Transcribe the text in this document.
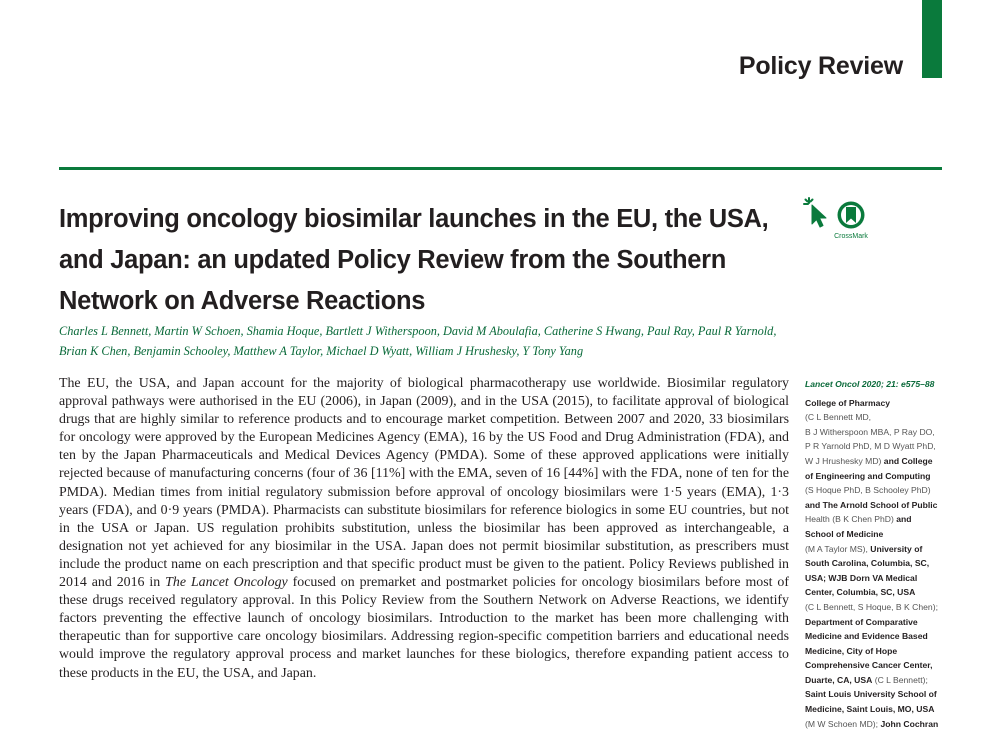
Policy Review
Improving oncology biosimilar launches in the EU, the USA, and Japan: an updated Policy Review from the Southern Network on Adverse Reactions
CrossMark
Charles L Bennett, Martin W Schoen, Shamia Hoque, Bartlett J Witherspoon, David M Aboulafia, Catherine S Hwang, Paul Ray, Paul R Yarnold,
Brian K Chen, Benjamin Schooley, Matthew A Taylor, Michael D Wyatt, William J Hrushesky, Y Tony Yang

The EU, the USA, and Japan account for the majority of biological pharmacotherapy use worldwide. Biosimilar regulatory approval pathways were authorised in the EU (2006), in Japan (2009), and in the USA (2015), to facilitate approval of biological drugs that are highly similar to reference products and to encourage market competition. Between 2007 and 2020, 33 biosimilars for oncology were approved by the European Medicines Agency (EMA), 16 by the US Food and Drug Administration (FDA), and ten by the Japan Pharmaceuticals and Medical Devices Agency (PMDA). Some of these approved applications were initially rejected because of manufacturing concerns (four of 36 [11%] with the EMA, seven of 16 [44%] with the FDA, none of ten for the PMDA). Median times from initial regulatory submission before approval of oncology biosimilars were 1·5 years (EMA), 1·3 years (FDA), and 0·9 years (PMDA). Pharmacists can substitute biosimilars for reference biologics in some EU countries, but not in the USA or Japan. US regulation prohibits substitution, unless the biosimilar has been approved as interchangeable, a designation not yet achieved for any biosimilar in the USA. Japan does not permit biosimilar substitution, as prescribers must include the product name on each prescription and that specific product must be given to the patient. Policy Reviews published in 2014 and 2016 in The Lancet Oncology focused on premarket and postmarket policies for oncology biosimilars before most of these drugs received regulatory approval. In this Policy Review from the Southern Network on Adverse Reactions, we identify factors preventing the effective launch of oncology biosimilars. Introduction to the market has been more challenging with therapeutic than for supportive care oncology biosimilars. Addressing region-specific competition barriers and educational needs would improve the regulatory approval process and market launches for these biologics, therefore expanding patient access to these products in the EU, the USA, and Japan.

Lancet Oncol 2020; 21: e575–88
College of Pharmacy
(C L Bennett MD,
B J Witherspoon MBA, P Ray DO,
P R Yarnold PhD, M D Wyatt PhD,
W J Hrushesky MD) and College
of Engineering and Computing
(S Hoque PhD, B Schooley PhD)
and The Arnold School of Public
Health (B K Chen PhD) and
School of Medicine
(M A Taylor MS), University of
South Carolina, Columbia, SC,
USA; WJB Dorn VA Medical
Center, Columbia, SC, USA
(C L Bennett, S Hoque, B K Chen);
Department of Comparative
Medicine and Evidence Based
Medicine, City of Hope
Comprehensive Cancer Center,
Duarte, CA, USA (C L Bennett);
Saint Louis University School of
Medicine, Saint Louis, MO, USA
(M W Schoen MD); John Cochran
